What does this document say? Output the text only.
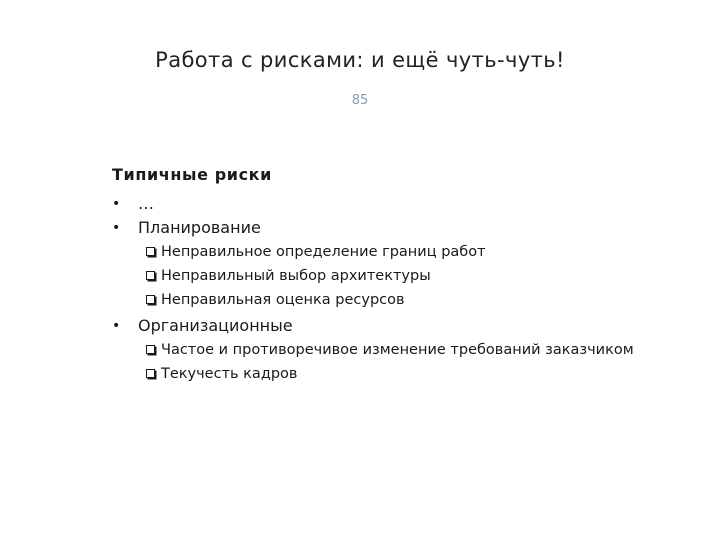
Работа с рисками: и ещё чуть-чуть!
85
Типичные риски
•	…
•	Планирование
Неправильное определение границ работ
Неправильный выбор архитектуры
Неправильная оценка ресурсов
•	Организационные
Частое и противоречивое изменение требований заказчиком
Текучесть кадров
